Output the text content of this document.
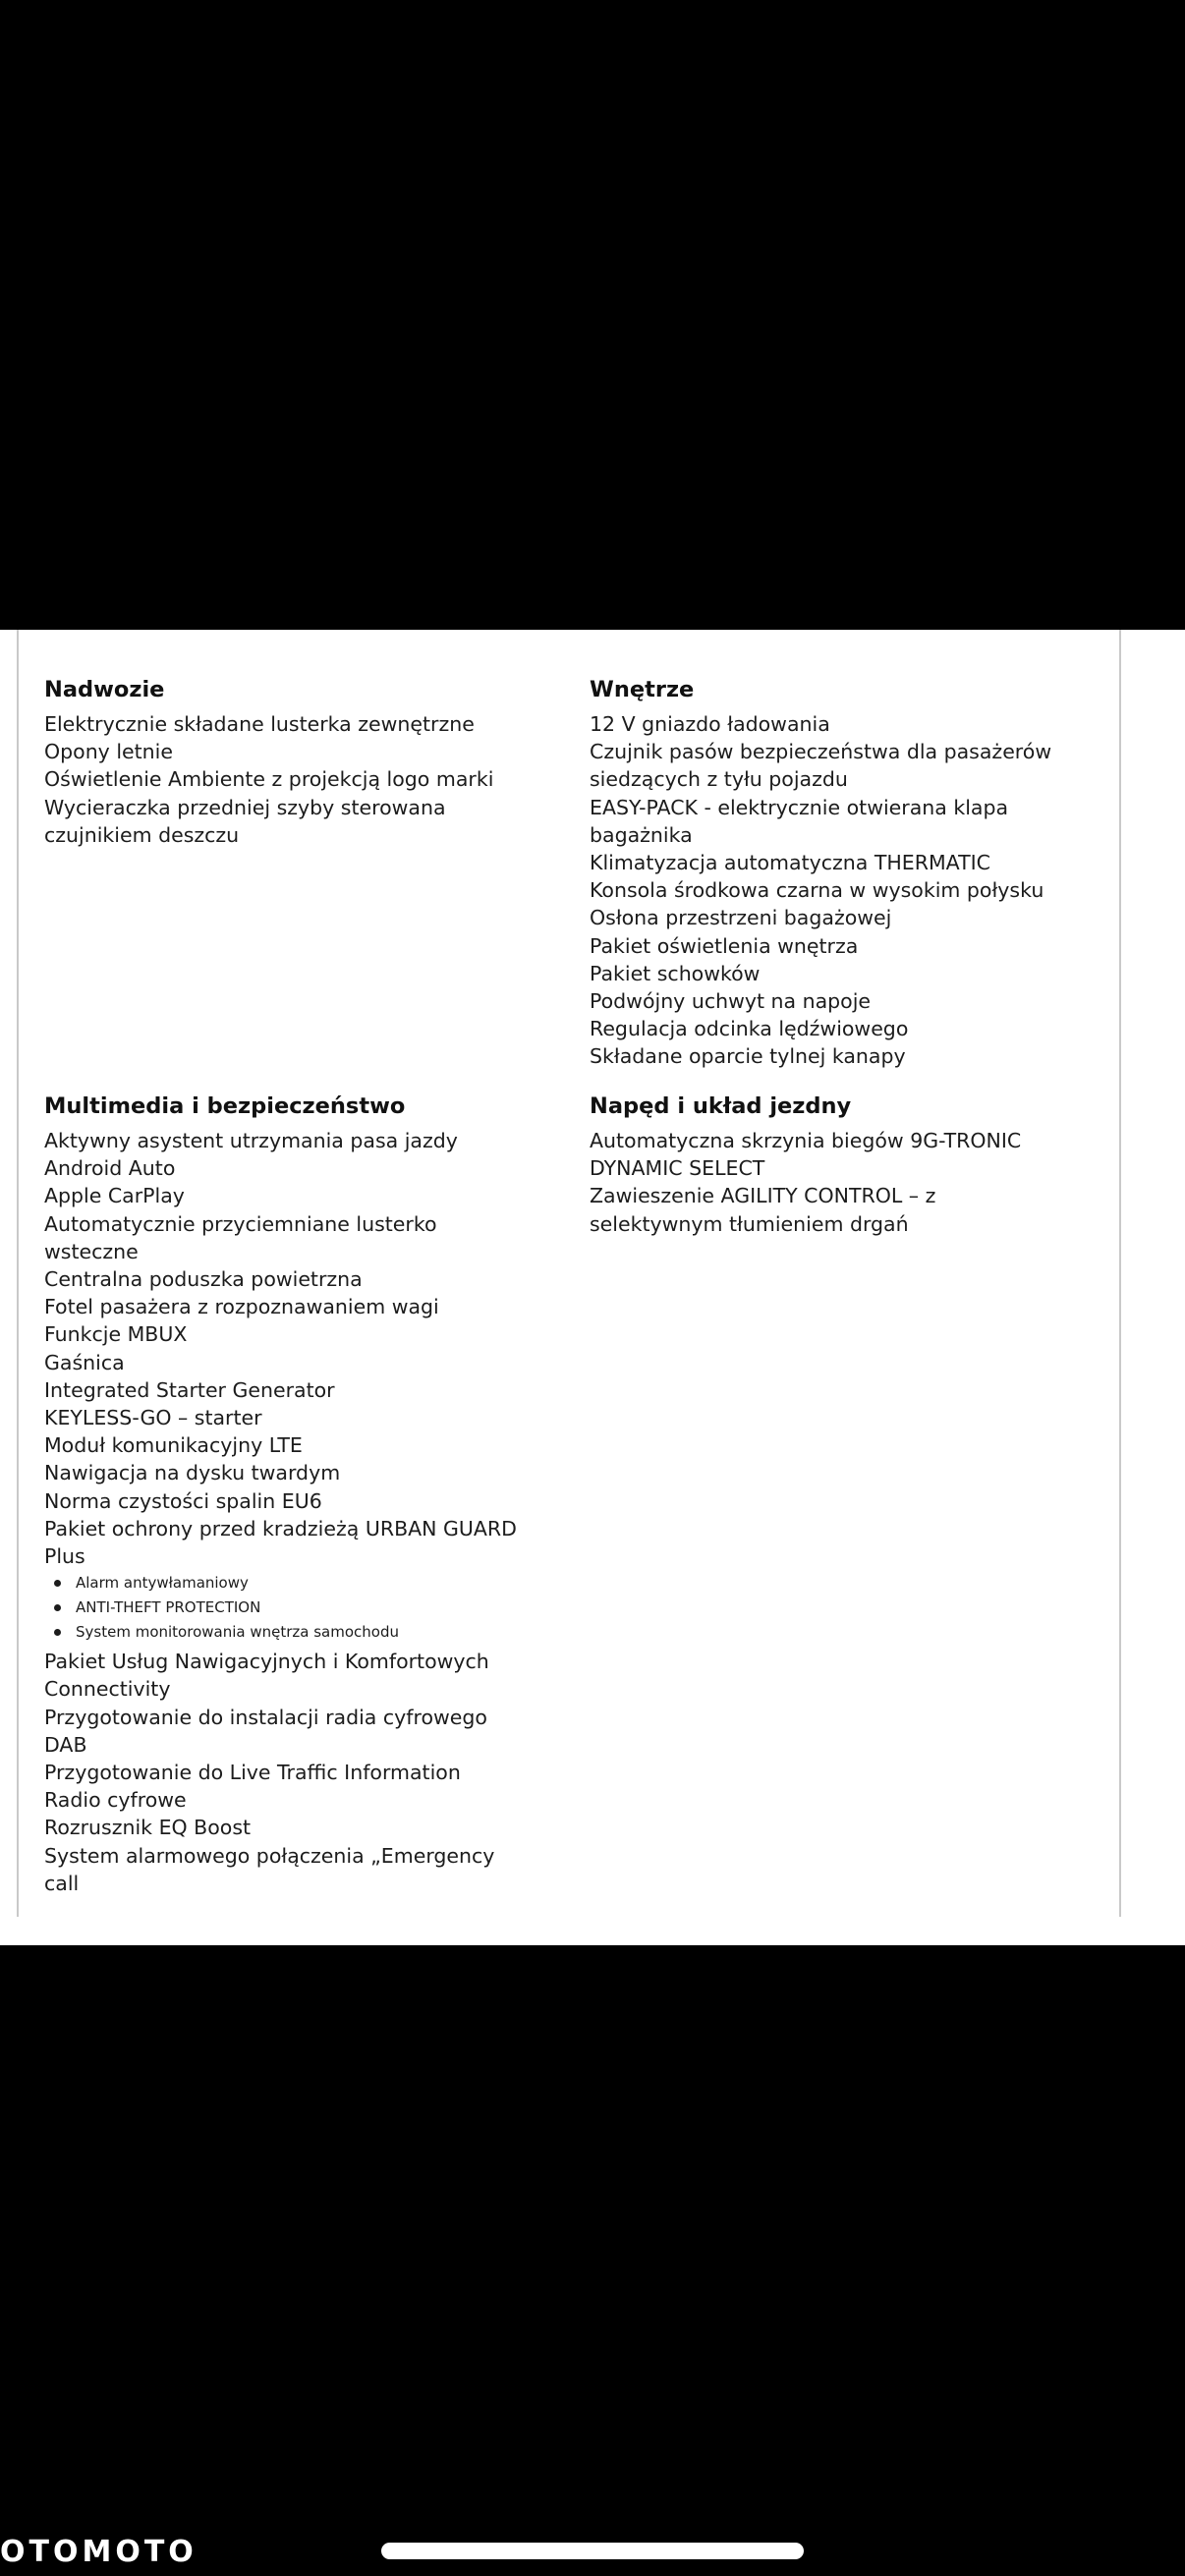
Nadwozie
Elektrycznie składane lusterka zewnętrzne
Opony letnie
Oświetlenie Ambiente z projekcją logo marki
Wycieraczka przedniej szyby sterowana
czujnikiem deszczu
Wnętrze
12 V gniazdo ładowania
Czujnik pasów bezpieczeństwa dla pasażerów
siedzących z tyłu pojazdu
EASY-PACK - elektrycznie otwierana klapa
bagażnika
Klimatyzacja automatyczna THERMATIC
Konsola środkowa czarna w wysokim połysku
Osłona przestrzeni bagażowej
Pakiet oświetlenia wnętrza
Pakiet schowków
Podwójny uchwyt na napoje
Regulacja odcinka lędźwiowego
Składane oparcie tylnej kanapy
Multimedia i bezpieczeństwo
Aktywny asystent utrzymania pasa jazdy
Android Auto
Apple CarPlay
Automatycznie przyciemniane lusterko
wsteczne
Centralna poduszka powietrzna
Fotel pasażera z rozpoznawaniem wagi
Funkcje MBUX
Gaśnica
Integrated Starter Generator
KEYLESS-GO – starter
Moduł komunikacyjny LTE
Nawigacja na dysku twardym
Norma czystości spalin EU6
Pakiet ochrony przed kradzieżą URBAN GUARD
Plus
Alarm antywłamaniowy
ANTI-THEFT PROTECTION
System monitorowania wnętrza samochodu
Pakiet Usług Nawigacyjnych i Komfortowych
Connectivity
Przygotowanie do instalacji radia cyfrowego
DAB
Przygotowanie do Live Traffic Information
Radio cyfrowe
Rozrusznik EQ Boost
System alarmowego połączenia „Emergency
call
Napęd i układ jezdny
Automatyczna skrzynia biegów 9G-TRONIC
DYNAMIC SELECT
Zawieszenie AGILITY CONTROL – z
selektywnym tłumieniem drgań
OTOMOTO
